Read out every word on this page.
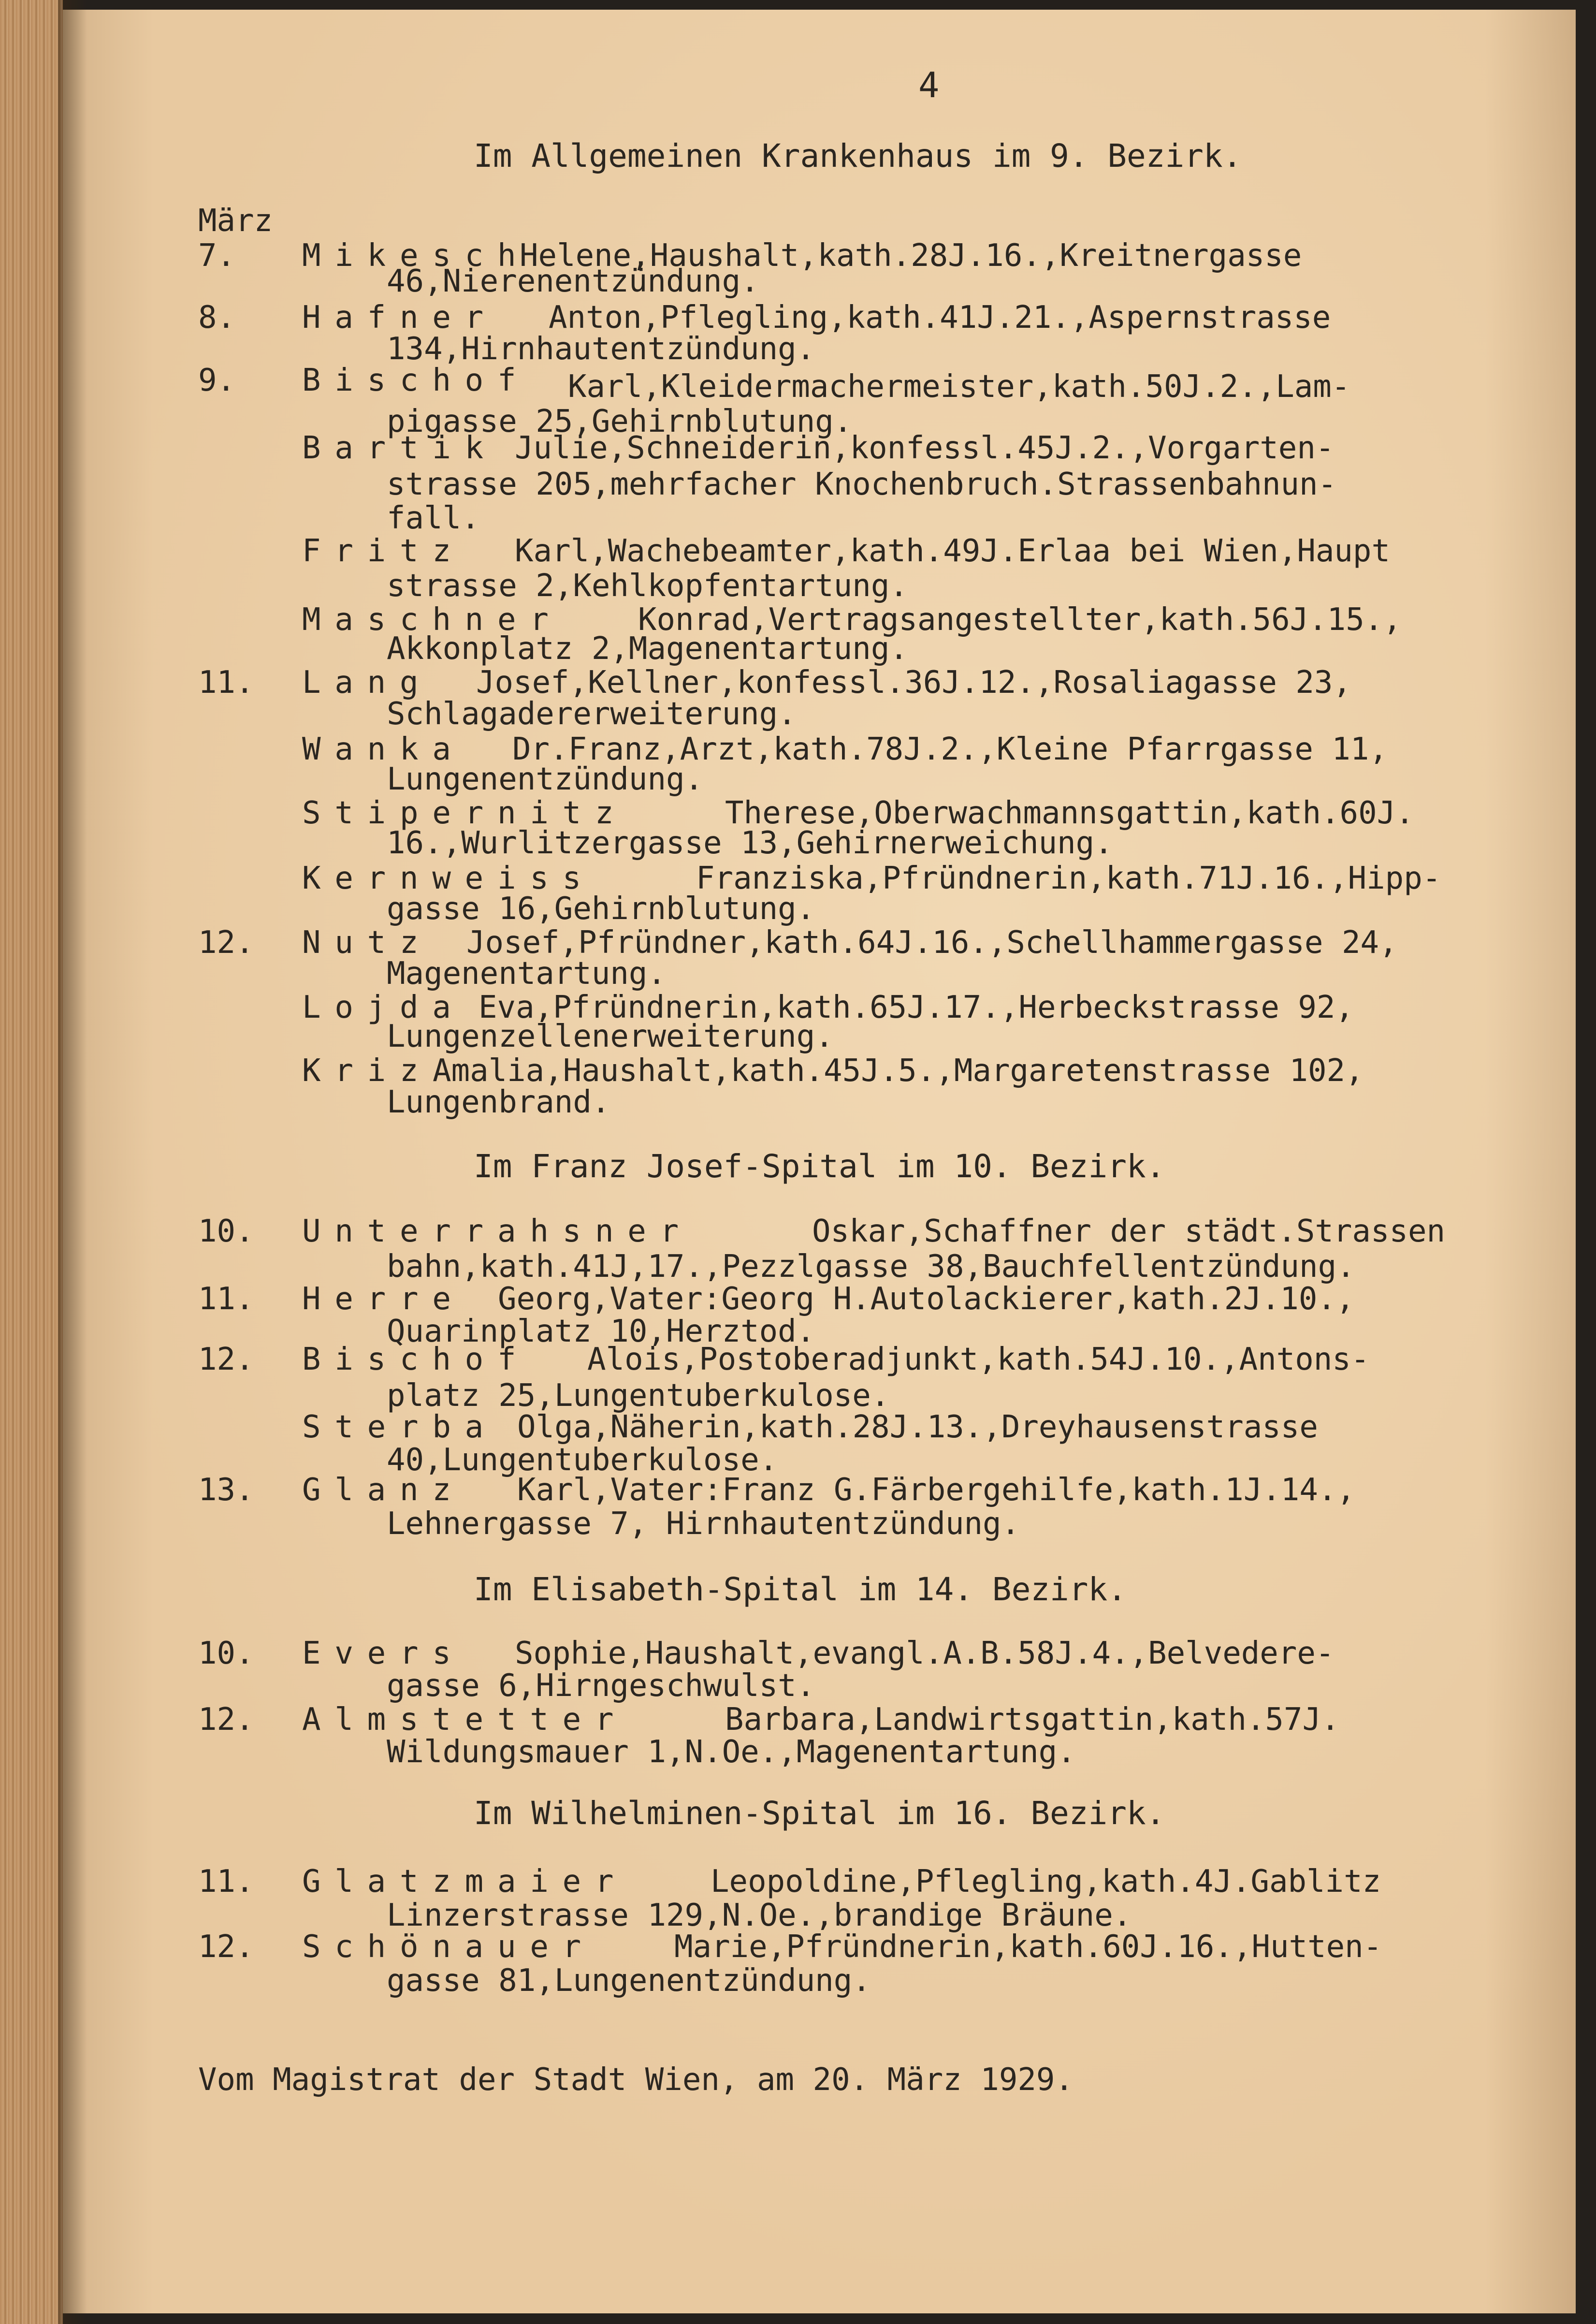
4
Im Allgemeinen Krankenhaus im 9. Bezirk.
März
7. Mikesch
Helene,Haushalt,kath.28J.16.,Kreitnergasse
46,Nierenentzündung.
8. Hafner Anton,Pflegling,kath.41J.21.,Aspernstrasse
134,Hirnhautentzündung.
9. Bischof Karl,Kleidermachermeister,kath.50J.2.,Lam-
pigasse 25,Gehirnblutung.
Bartik Julie,Schneiderin,konfessl.45J.2.,Vorgarten-
strasse 205,mehrfacher Knochenbruch.Strassenbahnun-
fall.
Fritz Karl,Wachebeamter,kath.49J.Erlaa bei Wien,Haupt
strasse 2,Kehlkopfentartung.
Maschner Konrad,Vertragsangestellter,kath.56J.15.,
Akkonplatz 2,Magenentartung.
11. Lang Josef,Kellner,konfessl.36J.12.,Rosaliagasse 23,
Schlagadererweiterung.
Wanka Dr.Franz,Arzt,kath.78J.2.,Kleine Pfarrgasse 11,
Lungenentzündung.
Stipernitz	Therese,Oberwachmannsgattin,kath.60J.
16.,Wurlitzergasse 13,Gehirnerweichung.
Kernweiss	Franziska,Pfründnerin,kath.71J.16.,Hipp-
gasse 16,Gehirnblutung.
12. Nutz Josef,Pfründner,kath.64J.16.,Schellhammergasse 24,
Magenentartung.
Lojda Eva,Pfründnerin,kath.65J.17.,Herbeckstrasse 92,
Lungenzellenerweiterung.
Kriz Amalia,Haushalt,kath.45J.5.,Margaretenstrasse 102,
Lungenbrand.
Im Franz Josef-Spital im 10. Bezirk.
10. Unterrahsner	Oskar,Schaffner der städt.Strassen
bahn,kath.41J,17.,Pezzlgasse 38,Bauchfellentzündung.
11. Herre Georg,Vater:Georg H.Autolackierer,kath.2J.10.,
Quarinplatz 10,Herztod.
12. Bischof Alois,Postoberadjunkt,kath.54J.10.,Antons-
platz 25,Lungentuberkulose.
Sterba Olga,Näherin,kath.28J.13.,Dreyhausenstrasse
40,Lungentuberkulose.
13. Glanz Karl,Vater:Franz G.Färbergehilfe,kath.1J.14.,
Lehnergasse 7, Hirnhautentzündung.
Im Elisabeth-Spital im 14. Bezirk.
10. Evers Sophie,Haushalt,evangl.A.B.58J.4.,Belvedere-
gasse 6,Hirngeschwulst.
12. Almstetter	Barbara,Landwirtsgattin,kath.57J.
Wildungsmauer 1,N.Oe.,Magenentartung.
Im Wilhelminen-Spital im 16. Bezirk.
11. Glatzmaier	Leopoldine,Pflegling,kath.4J.Gablitz
Linzerstrasse 129,N.Oe.,brandige Bräune.
12. Schönauer	Marie,Pfründnerin,kath.60J.16.,Hutten-
gasse 81,Lungenentzündung.
Vom Magistrat der Stadt Wien, am 20. März 1929.
